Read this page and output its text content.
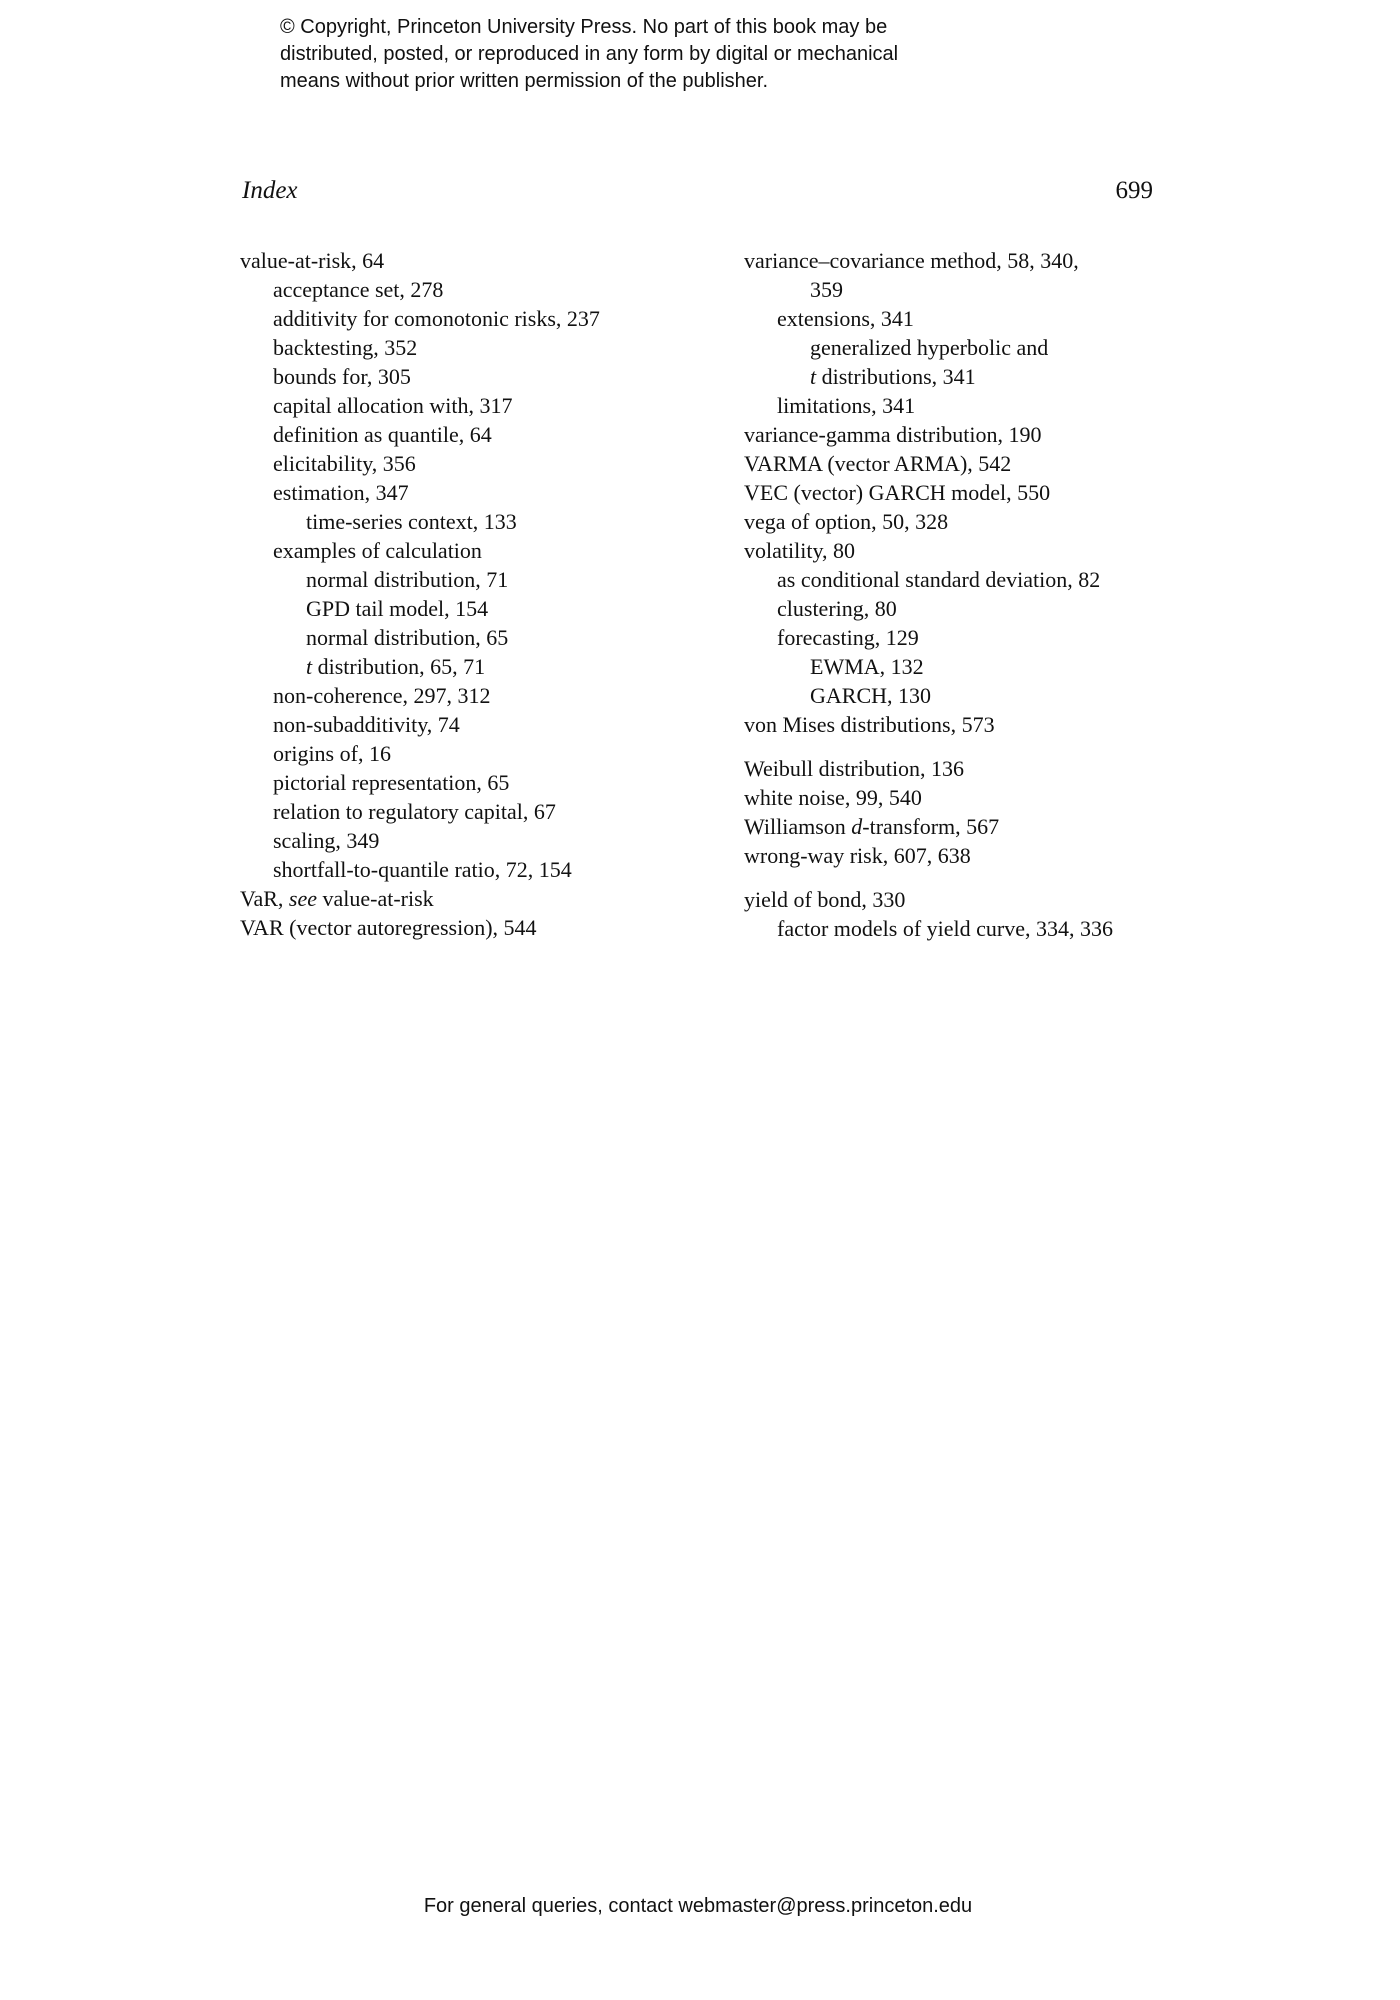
© Copyright, Princeton University Press. No part of this book may be
distributed, posted, or reproduced in any form by digital or mechanical
means without prior written permission of the publisher.
Index	699
value-at-risk, 64
acceptance set, 278
additivity for comonotonic risks, 237
backtesting, 352
bounds for, 305
capital allocation with, 317
definition as quantile, 64
elicitability, 356
estimation, 347
time-series context, 133
examples of calculation
normal distribution, 71
GPD tail model, 154
normal distribution, 65
t distribution, 65, 71
non-coherence, 297, 312
non-subadditivity, 74
origins of, 16
pictorial representation, 65
relation to regulatory capital, 67
scaling, 349
shortfall-to-quantile ratio, 72, 154
VaR, see value-at-risk
VAR (vector autoregression), 544
variance–covariance method, 58, 340,
359
extensions, 341
generalized hyperbolic and
t distributions, 341
limitations, 341
variance-gamma distribution, 190
VARMA (vector ARMA), 542
VEC (vector) GARCH model, 550
vega of option, 50, 328
volatility, 80
as conditional standard deviation, 82
clustering, 80
forecasting, 129
EWMA, 132
GARCH, 130
von Mises distributions, 573
Weibull distribution, 136
white noise, 99, 540
Williamson d-transform, 567
wrong-way risk, 607, 638
yield of bond, 330
factor models of yield curve, 334, 336
For general queries, contact webmaster@press.princeton.edu
